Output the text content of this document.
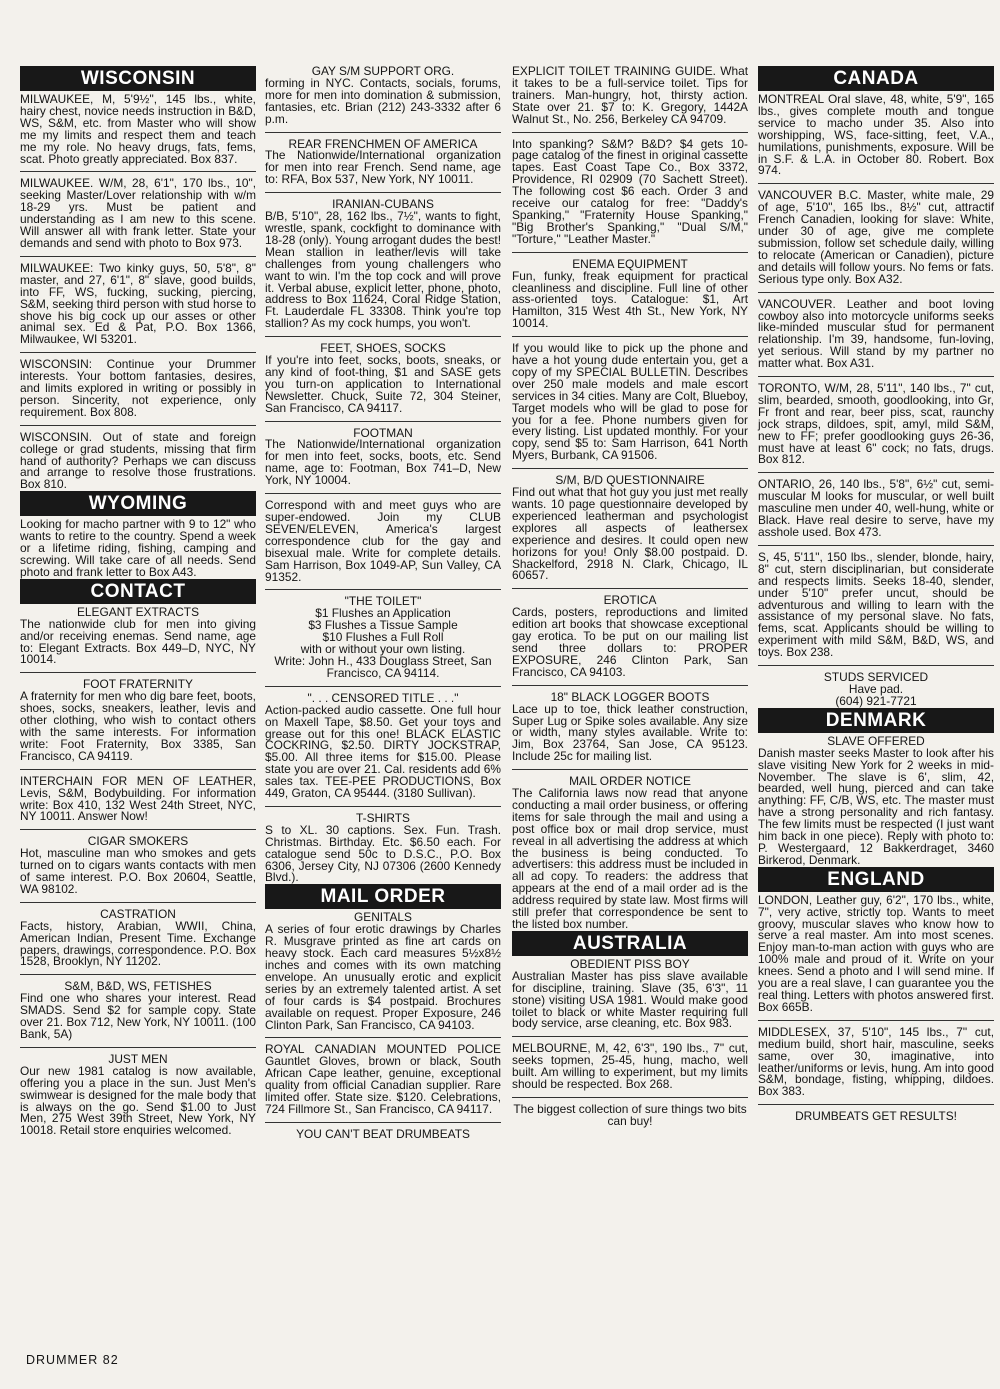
WISCONSIN
MILWAUKEE, M, 5'9½", 145 lbs., white, hairy chest, novice needs instruction in B&D, WS, S&M, etc. from Master who will show me my limits and respect them and teach me my role. No heavy drugs, fats, fems, scat. Photo greatly appreciated. Box 837.
MILWAUKEE. W/M, 28, 6'1", 170 lbs., 10", seeking Master/Lover relationship with w/m 18-29 yrs. Must be patient and understanding as I am new to this scene. Will answer all with frank letter. State your demands and send with photo to Box 973.
MILWAUKEE: Two kinky guys, 50, 5'8", 8" master, and 27, 6'1", 8" slave, good builds, into FF, WS, fucking, sucking, piercing, S&M, seeking third person with stud horse to shove his big cock up our asses or other animal sex. Ed & Pat, P.O. Box 1366, Milwaukee, WI 53201.
WISCONSIN: Continue your Drummer interests. Your bottom fantasies, desires, and limits explored in writing or possibly in person. Sincerity, not experience, only requirement. Box 808.
WISCONSIN. Out of state and foreign college or grad students, missing that firm hand of authority? Perhaps we can discuss and arrange to resolve those frustrations. Box 810.
WYOMING
Looking for macho partner with 9 to 12" who wants to retire to the country. Spend a week or a lifetime riding, fishing, camping and screwing. Will take care of all needs. Send photo and frank letter to Box A43.
CONTACT
ELEGANT EXTRACTS
The nationwide club for men into giving and/or receiving enemas. Send name, age to: Elegant Extracts. Box 449–D, NYC, NY 10014.
FOOT FRATERNITY
A fraternity for men who dig bare feet, boots, shoes, socks, sneakers, leather, levis and other clothing, who wish to contact others with the same interests. For information write: Foot Fraternity, Box 3385, San Francisco, CA 94119.
INTERCHAIN FOR MEN OF LEATHER, Levis, S&M, Bodybuilding. For information write: Box 410, 132 West 24th Street, NYC, NY 10011. Answer Now!
CIGAR SMOKERS
Hot, masculine man who smokes and gets turned on to cigars wants contacts with men of same interest. P.O. Box 20604, Seattle, WA 98102.
CASTRATION
Facts, history, Arabian, WWII, China, American Indian, Present Time. Exchange papers, drawings, correspondence. P.O. Box 1528, Brooklyn, NY 11202.
S&M, B&D, WS, FETISHES
Find one who shares your interest. Read SMADS. Send $2 for sample copy. State over 21. Box 712, New York, NY 10011. (100 Bank, 5A)
JUST MEN
Our new 1981 catalog is now available, offering you a place in the sun. Just Men's swimwear is designed for the male body that is always on the go. Send $1.00 to Just Men, 275 West 39th Street, New York, NY 10018. Retail store enquiries welcomed.
GAY S/M SUPPORT ORG.
forming in NYC. Contacts, socials, forums, more for men into domination & submission, fantasies, etc. Brian (212) 243-3332 after 6 p.m.
REAR FRENCHMEN OF AMERICA
The Nationwide/International organization for men into rear French. Send name, age to: RFA, Box 537, New York, NY 10011.
IRANIAN-CUBANS
B/B, 5'10", 28, 162 lbs., 7½", wants to fight, wrestle, spank, cockfight to dominance with 18-28 (only). Young arrogant dudes the best! Mean stallion in leather/levis will take challenges from young challengers who want to win. I'm the top cock and will prove it. Verbal abuse, explicit letter, phone, photo, address to Box 11624, Coral Ridge Station, Ft. Lauderdale FL 33308. Think you're top stallion? As my cock humps, you won't.
FEET, SHOES, SOCKS
If you're into feet, socks, boots, sneaks, or any kind of foot-thing, $1 and SASE gets you turn-on application to International Newsletter. Chuck, Suite 72, 304 Steiner, San Francisco, CA 94117.
FOOTMAN
The Nationwide/International organization for men into feet, socks, boots, etc. Send name, age to: Footman, Box 741–D, New York, NY 10004.
Correspond with and meet guys who are super-endowed. Join my CLUB SEVEN/ELEVEN, America's largest correspondence club for the gay and bisexual male. Write for complete details. Sam Harrison, Box 1049-AP, Sun Valley, CA 91352.
"THE TOILET"
$1 Flushes an Application
$3 Flushes a Tissue Sample
$10 Flushes a Full Roll
with or without your own listing.
Write: John H., 433 Douglass Street, San Francisco, CA 94114.
". . . CENSORED TITLE . . ."
Action-packed audio cassette. One full hour on Maxell Tape, $8.50. Get your toys and grease out for this one! BLACK ELASTIC COCKRING, $2.50. DIRTY JOCKSTRAP, $5.00. All three items for $15.00. Please state you are over 21. Cal. residents add 6% sales tax. TEE-PEE PRODUCTIONS, Box 449, Graton, CA 95444. (3180 Sullivan).
T-SHIRTS
S to XL. 30 captions. Sex. Fun. Trash. Christmas. Birthday. Etc. $6.50 each. For catalogue send 50c to D.S.C., P.O. Box 6306, Jersey City, NJ 07306 (2600 Kennedy Blvd.).
MAIL ORDER
GENITALS
A series of four erotic drawings by Charles R. Musgrave printed as fine art cards on heavy stock. Each card measures 5½x8½ inches and comes with its own matching envelope. An unusually erotic and explicit series by an extremely talented artist. A set of four cards is $4 postpaid. Brochures available on request. Proper Exposure, 246 Clinton Park, San Francisco, CA 94103.
ROYAL CANADIAN MOUNTED POLICE Gauntlet Gloves, brown or black, South African Cape leather, genuine, exceptional quality from official Canadian supplier. Rare limited offer. State size. $120. Celebrations, 724 Fillmore St., San Francisco, CA 94117.
YOU CAN'T BEAT DRUMBEATS
EXPLICIT TOILET TRAINING GUIDE. What it takes to be a full-service toilet. Tips for trainers. Man-hungry, hot, thirsty action. State over 21. $7 to: K. Gregory, 1442A Walnut St., No. 256, Berkeley CA 94709.
Into spanking? S&M? B&D? $4 gets 10-page catalog of the finest in original cassette tapes. East Coast Tape Co., Box 3372, Providence, RI 02909 (70 Sachett Street). The following cost $6 each. Order 3 and receive our catalog for free: "Daddy's Spanking," "Fraternity House Spanking," "Big Brother's Spanking," "Dual S/M," "Torture," "Leather Master."
ENEMA EQUIPMENT
Fun, funky, freak equipment for practical cleanliness and discipline. Full line of other ass-oriented toys. Catalogue: $1, Art Hamilton, 315 West 4th St., New York, NY 10014.
If you would like to pick up the phone and have a hot young dude entertain you, get a copy of my SPECIAL BULLETIN. Describes over 250 male models and male escort services in 34 cities. Many are Colt, Blueboy, Target models who will be glad to pose for you for a fee. Phone numbers given for every listing. List updated monthly. For your copy, send $5 to: Sam Harrison, 641 North Myers, Burbank, CA 91506.
S/M, B/D QUESTIONNAIRE
Find out what that hot guy you just met really wants. 10 page questionnaire developed by experienced leatherman and psychologist explores all aspects of leathersex experience and desires. It could open new horizons for you! Only $8.00 postpaid. D. Shackelford, 2918 N. Clark, Chicago, IL 60657.
EROTICA
Cards, posters, reproductions and limited edition art books that showcase exceptional gay erotica. To be put on our mailing list send three dollars to: PROPER EXPOSURE, 246 Clinton Park, San Francisco, CA 94103.
18" BLACK LOGGER BOOTS
Lace up to toe, thick leather construction, Super Lug or Spike soles available. Any size or width, many styles available. Write to: Jim, Box 23764, San Jose, CA 95123. Include 25c for mailing list.
MAIL ORDER NOTICE
The California laws now read that anyone conducting a mail order business, or offering items for sale through the mail and using a post office box or mail drop service, must reveal in all advertising the address at which the business is being conducted. To advertisers: this address must be included in all ad copy. To readers: the address that appears at the end of a mail order ad is the address required by state law. Most firms will still prefer that correspondence be sent to the listed box number.
AUSTRALIA
OBEDIENT PISS BOY
Australian Master has piss slave available for discipline, training. Slave (35, 6'3", 11 stone) visiting USA 1981. Would make good toilet to black or white Master requiring full body service, arse cleaning, etc. Box 983.
MELBOURNE, M, 42, 6'3", 190 lbs., 7" cut, seeks topmen, 25-45, hung, macho, well built. Am willing to experiment, but my limits should be respected. Box 268.
The biggest collection of sure things two bits can buy!
CANADA
MONTREAL Oral slave, 48, white, 5'9", 165 lbs., gives complete mouth and tongue service to macho under 35. Also into worshipping, WS, face-sitting, feet, V.A., humilations, punishments, exposure. Will be in S.F. & L.A. in October 80. Robert. Box 974.
VANCOUVER B.C. Master, white male, 29 of age, 5'10", 165 lbs., 8½" cut, attractif French Canadien, looking for slave: White, under 30 of age, give me complete submission, follow set schedule daily, willing to relocate (American or Canadien), picture and details will follow yours. No fems or fats. Serious type only. Box A32.
VANCOUVER. Leather and boot loving cowboy also into motorcycle uniforms seeks like-minded muscular stud for permanent relationship. I'm 39, handsome, fun-loving, yet serious. Will stand by my partner no matter what. Box A31.
TORONTO, W/M, 28, 5'11", 140 lbs., 7" cut, slim, bearded, smooth, goodlooking, into Gr, Fr front and rear, beer piss, scat, raunchy jock straps, dildoes, spit, amyl, mild S&M, new to FF; prefer goodlooking guys 26-36, must have at least 6" cock; no fats, drugs. Box 812.
ONTARIO, 26, 140 lbs., 5'8", 6½" cut, semi-muscular M looks for muscular, or well built masculine men under 40, well-hung, white or Black. Have real desire to serve, have my asshole used. Box 473.
S, 45, 5'11", 150 lbs., slender, blonde, hairy, 8" cut, stern disciplinarian, but considerate and respects limits. Seeks 18-40, slender, under 5'10" prefer uncut, should be adventurous and willing to learn with the assistance of my personal slave. No fats, fems, scat. Applicants should be willing to experiment with mild S&M, B&D, WS, and toys. Box 238.
STUDS SERVICED
Have pad.
(604) 921-7721
DENMARK
SLAVE OFFERED
Danish master seeks Master to look after his slave visiting New York for 2 weeks in mid-November. The slave is 6', slim, 42, bearded, well hung, pierced and can take anything: FF, C/B, WS, etc. The master must have a strong personality and rich fantasy. The few limits must be respected (I just want him back in one piece). Reply with photo to: P. Westergaard, 12 Bakkerdraget, 3460 Birkerod, Denmark.
ENGLAND
LONDON, Leather guy, 6'2", 170 lbs., white, 7", very active, strictly top. Wants to meet groovy, muscular slaves who know how to serve a real master. Am into most scenes. Enjoy man-to-man action with guys who are 100% male and proud of it. Write on your knees. Send a photo and I will send mine. If you are a real slave, I can guarantee you the real thing. Letters with photos answered first. Box 665B.
MIDDLESEX, 37, 5'10", 145 lbs., 7" cut, medium build, short hair, masculine, seeks same, over 30, imaginative, into leather/uniforms or levis, hung. Am into good S&M, bondage, fisting, whipping, dildoes. Box 383.
DRUMBEATS GET RESULTS!
DRUMMER 82
